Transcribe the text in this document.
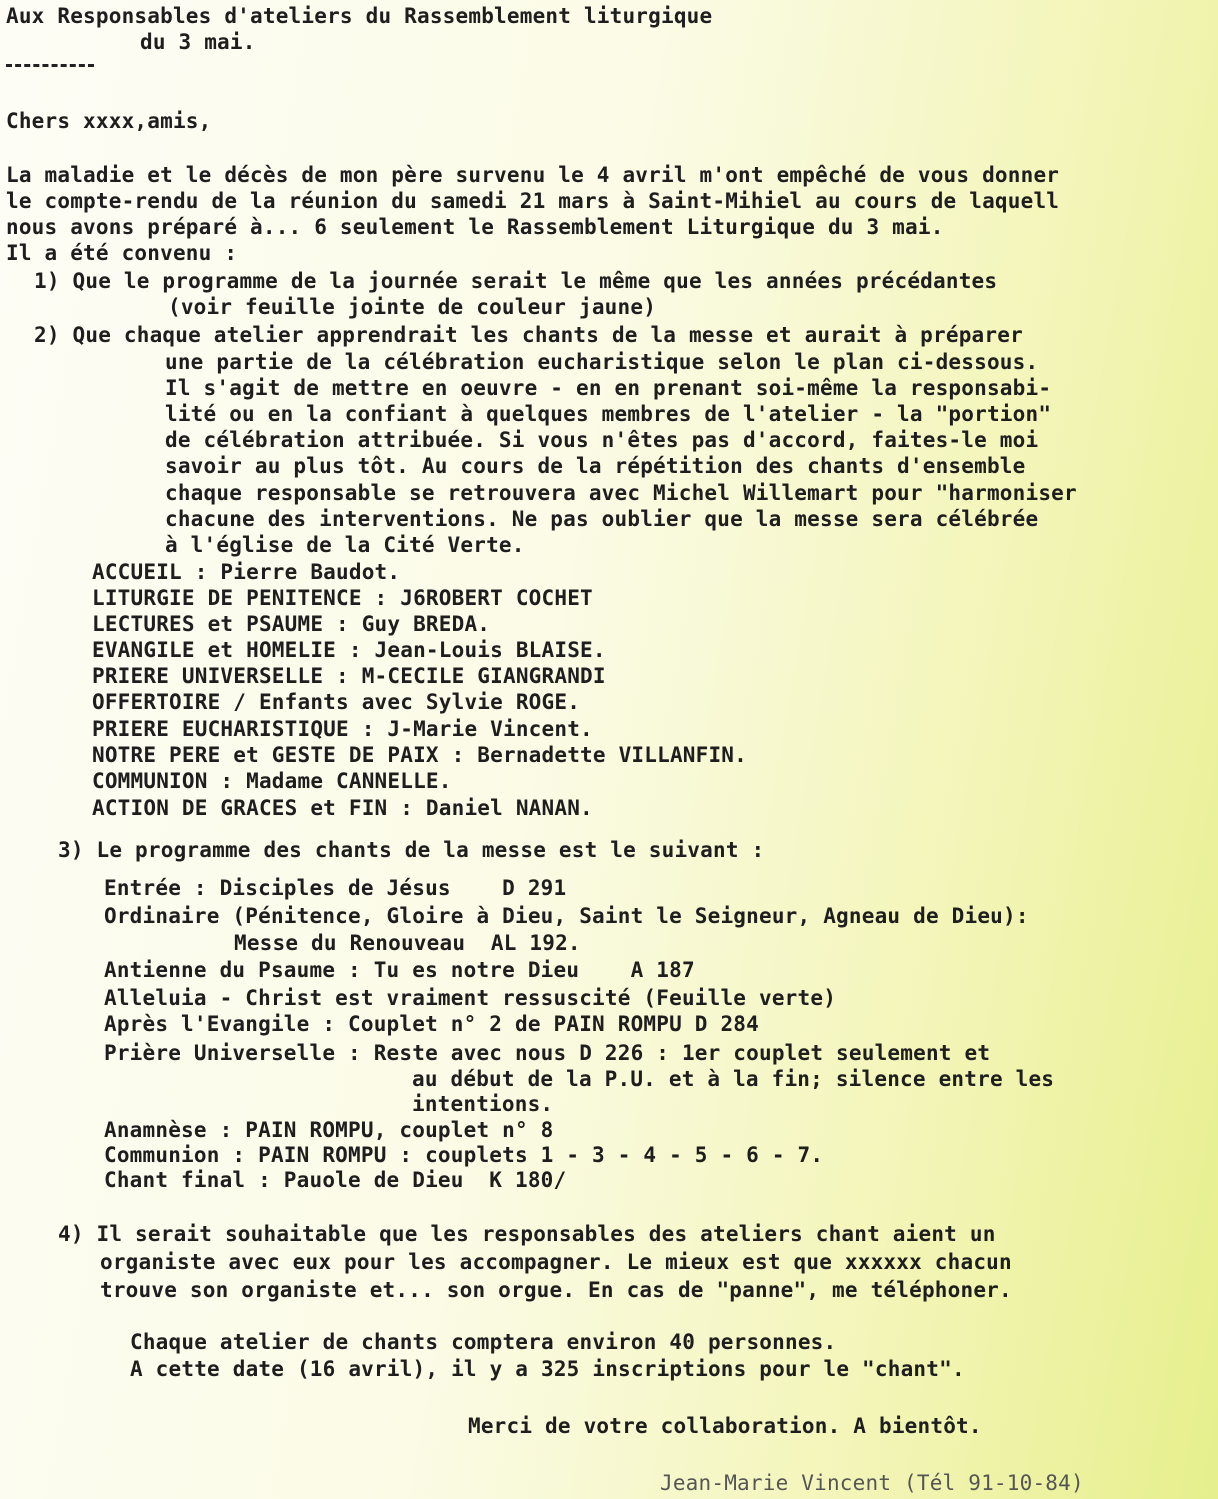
Aux Responsables d'ateliers du Rassemblement liturgique
du 3 mai.
Chers xxxx,amis,
La maladie et le décès de mon père survenu le 4 avril m'ont empêché de vous donner
le compte-rendu de la réunion du samedi 21 mars à Saint-Mihiel au cours de laquell
nous avons préparé à... 6 seulement le Rassemblement Liturgique du 3 mai.
Il a été convenu :
1) Que le programme de la journée serait le même que les années précédantes
(voir feuille jointe de couleur jaune)
2) Que chaque atelier apprendrait les chants de la messe et aurait à préparer
une partie de la célébration eucharistique selon le plan ci-dessous.
Il s'agit de mettre en oeuvre - en en prenant soi-même la responsabi-
lité ou en la confiant à quelques membres de l'atelier - la "portion"
de célébration attribuée. Si vous n'êtes pas d'accord, faites-le moi
savoir au plus tôt. Au cours de la répétition des chants d'ensemble
chaque responsable se retrouvera avec Michel Willemart pour "harmoniser
chacune des interventions. Ne pas oublier que la messe sera célébrée
à l'église de la Cité Verte.
ACCUEIL : Pierre Baudot.
LITURGIE DE PENITENCE : J6ROBERT COCHET
LECTURES et PSAUME : Guy BREDA.
EVANGILE et HOMELIE : Jean-Louis BLAISE.
PRIERE UNIVERSELLE : M-CECILE GIANGRANDI
OFFERTOIRE / Enfants avec Sylvie ROGE.
PRIERE EUCHARISTIQUE : J-Marie Vincent.
NOTRE PERE et GESTE DE PAIX : Bernadette VILLANFIN.
COMMUNION : Madame CANNELLE.
ACTION DE GRACES et FIN : Daniel NANAN.
3) Le programme des chants de la messe est le suivant :
Entrée : Disciples de Jésus    D 291
Ordinaire (Pénitence, Gloire à Dieu, Saint le Seigneur, Agneau de Dieu):
Messe du Renouveau  AL 192.
Antienne du Psaume : Tu es notre Dieu    A 187
Alleluia - Christ est vraiment ressuscité (Feuille verte)
Après l'Evangile : Couplet n° 2 de PAIN ROMPU D 284
Prière Universelle : Reste avec nous D 226 : 1er couplet seulement et
au début de la P.U. et à la fin; silence entre les
intentions.
Anamnèse : PAIN ROMPU, couplet n° 8
Communion : PAIN ROMPU : couplets 1 - 3 - 4 - 5 - 6 - 7.
Chant final : Pauole de Dieu  K 180/
4) Il serait souhaitable que les responsables des ateliers chant aient un
organiste avec eux pour les accompagner. Le mieux est que xxxxxx chacun
trouve son organiste et... son orgue. En cas de "panne", me téléphoner.
Chaque atelier de chants comptera environ 40 personnes.
A cette date (16 avril), il y a 325 inscriptions pour le "chant".
Merci de votre collaboration. A bientôt.
Jean-Marie Vincent (Tél 91-10-84)
